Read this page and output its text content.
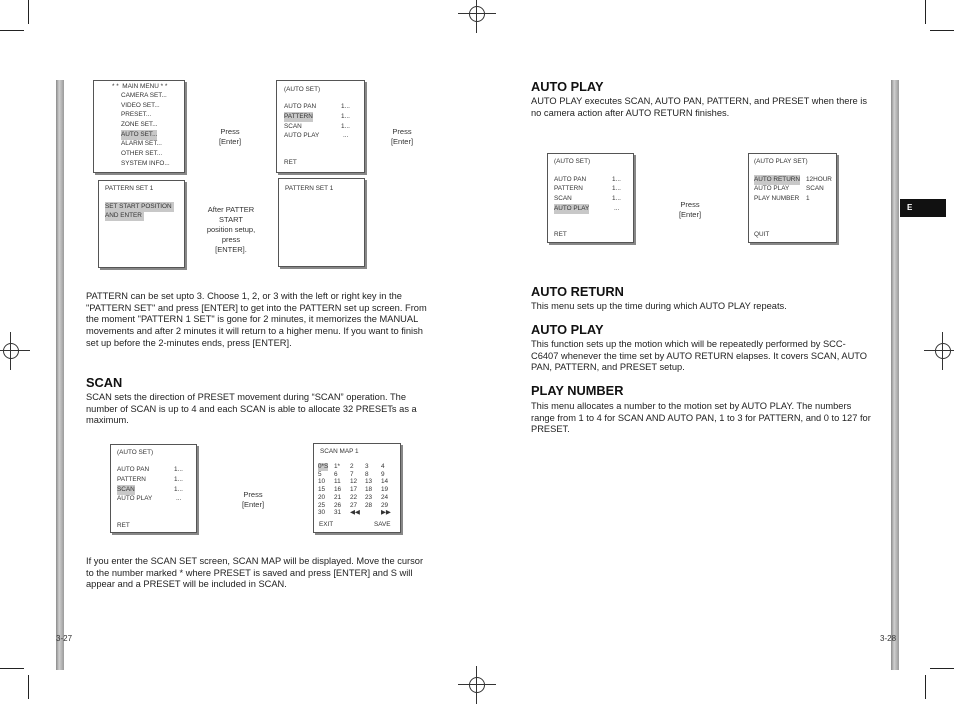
* *  MAIN MENU * *
CAMERA SET...
VIDEO SET...
PRESET...
ZONE SET...
AUTO SET...
ALARM SET...
OTHER SET...
SYSTEM INFO...
Press
[Enter]
(AUTO SET)
AUTO PAN	1...
PATTERN	1...
SCAN	1...
AUTO PLAY	...
RET
Press
[Enter]
PATTERN SET 1
SET START POSITION
AND ENTER
After PATTER
START
position setup,
press
[ENTER].
PATTERN SET 1
PATTERN can be set upto 3. Choose 1, 2, or 3 with the left or right key in the "PATTERN SET" and press [ENTER] to get into the PATTERN set up screen. From the moment "PATTERN 1 SET" is gone for 2 minutes, it memorizes the MANUAL movements and after 2 minutes it will return to a higher menu. If you want to finish set up before the 2-minutes ends, press [ENTER].
SCAN
SCAN sets the direction of PRESET movement during “SCAN” operation. The number of SCAN is up to 4 and each SCAN is able to allocate 32 PRESETs as a maximum.
(AUTO SET)
AUTO PAN	1...
PATTERN	1...
SCAN	1...
AUTO PLAY	...
RET
Press
[Enter]
SCAN MAP 1
0*S 1* 2 3 4
5 6 7 8 9
10 11 12 13 14
15 16 17 18 19
20 21 22 23 24
25 26 27 28 29
30 31 ◀◀	▶▶
EXIT	SAVE
If you enter the SCAN SET screen, SCAN MAP will be displayed. Move the cursor to the number marked * where PRESET is saved and press [ENTER] and S will appear and a PRESET will be included in SCAN.
3-27
AUTO PLAY
AUTO PLAY executes SCAN, AUTO PAN, PATTERN, and PRESET when there is no camera action after AUTO RETURN finishes.
(AUTO SET)
AUTO PAN	1...
PATTERN	1...
SCAN	1...
AUTO PLAY	...
RET
Press
[Enter]
(AUTO PLAY SET)
AUTO RETURN 12HOUR
AUTO PLAY	SCAN
PLAY NUMBER 1
QUIT
AUTO RETURN
This menu sets up the time during which AUTO PLAY repeats.
AUTO PLAY
This function sets up the motion which will be repeatedly performed by SCC-C6407 whenever the time set by AUTO RETURN elapses. It covers SCAN, AUTO PAN, PATTERN, and PRESET setup.
PLAY NUMBER
This menu allocates a number to the motion set by AUTO PLAY. The numbers range from 1 to 4 for SCAN AND AUTO PAN, 1 to 3 for PATTERN, and 0 to 127 for PRESET.
E
3-28
